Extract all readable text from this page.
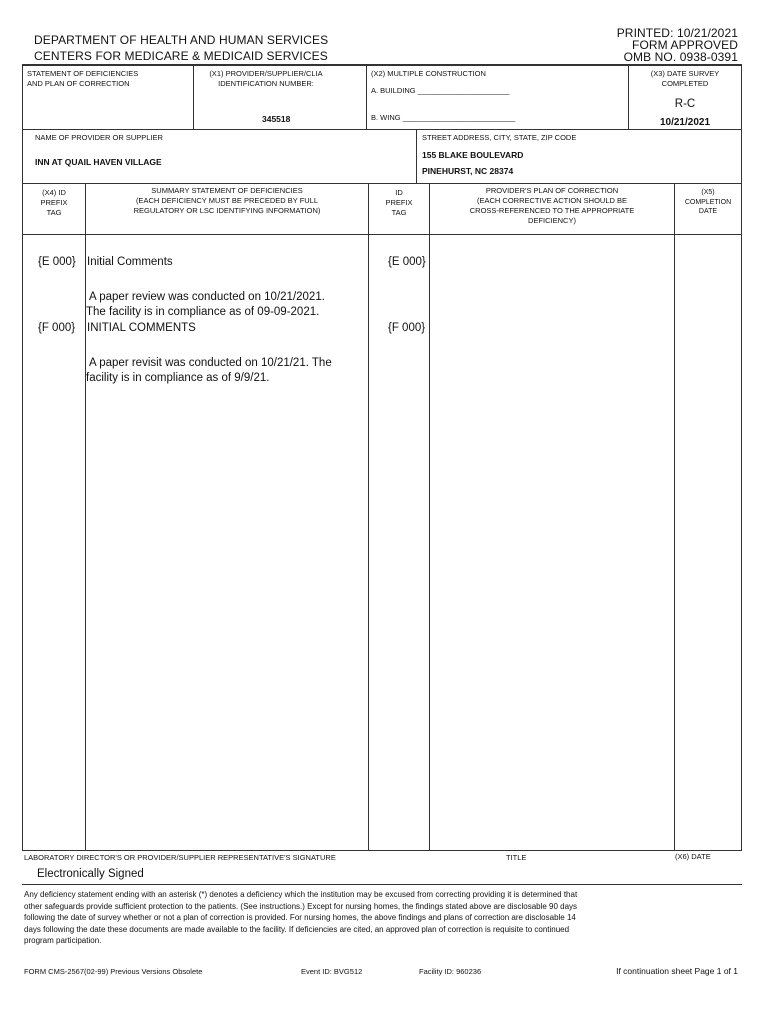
DEPARTMENT OF HEALTH AND HUMAN SERVICES
CENTERS FOR MEDICARE & MEDICAID SERVICES
PRINTED: 10/21/2021
FORM APPROVED
OMB NO. 0938-0391
STATEMENT OF DEFICIENCIES
AND PLAN OF CORRECTION
(X1) PROVIDER/SUPPLIER/CLIA
IDENTIFICATION NUMBER:
345518
(X2) MULTIPLE CONSTRUCTION
A. BUILDING ______________________
B. WING ___________________________
(X3) DATE SURVEY
COMPLETED
R-C
10/21/2021
NAME OF PROVIDER OR SUPPLIER
INN AT QUAIL HAVEN VILLAGE
STREET ADDRESS, CITY, STATE, ZIP CODE
155 BLAKE BOULEVARD
PINEHURST, NC 28374
(X4) ID
PREFIX
TAG
SUMMARY STATEMENT OF DEFICIENCIES
(EACH DEFICIENCY MUST BE PRECEDED BY FULL
REGULATORY OR LSC IDENTIFYING INFORMATION)
ID
PREFIX
TAG
PROVIDER'S PLAN OF CORRECTION
(EACH CORRECTIVE ACTION SHOULD BE
CROSS-REFERENCED TO THE APPROPRIATE
DEFICIENCY)
(X5)
COMPLETION
DATE
{E 000} Initial Comments	{E 000}
A paper review was conducted on 10/21/2021.
The facility is in compliance as of 09-09-2021.
{F 000} INITIAL COMMENTS	{F 000}
A paper revisit was conducted on 10/21/21. The
facility is in compliance as of 9/9/21.
LABORATORY DIRECTOR'S OR PROVIDER/SUPPLIER REPRESENTATIVE'S SIGNATURE	TITLE	(X6) DATE
Electronically Signed
Any deficiency statement ending with an asterisk (*) denotes a deficiency which the institution may be excused from correcting providing it is determined that
other safeguards provide sufficient protection to the patients. (See instructions.) Except for nursing homes, the findings stated above are disclosable 90 days
following the date of survey whether or not a plan of correction is provided. For nursing homes, the above findings and plans of correction are disclosable 14
days following the date these documents are made available to the facility. If deficiencies are cited, an approved plan of correction is requisite to continued
program participation.
FORM CMS-2567(02-99) Previous Versions Obsolete	Event ID: BVG512	Facility ID: 960236	If continuation sheet Page 1 of 1
